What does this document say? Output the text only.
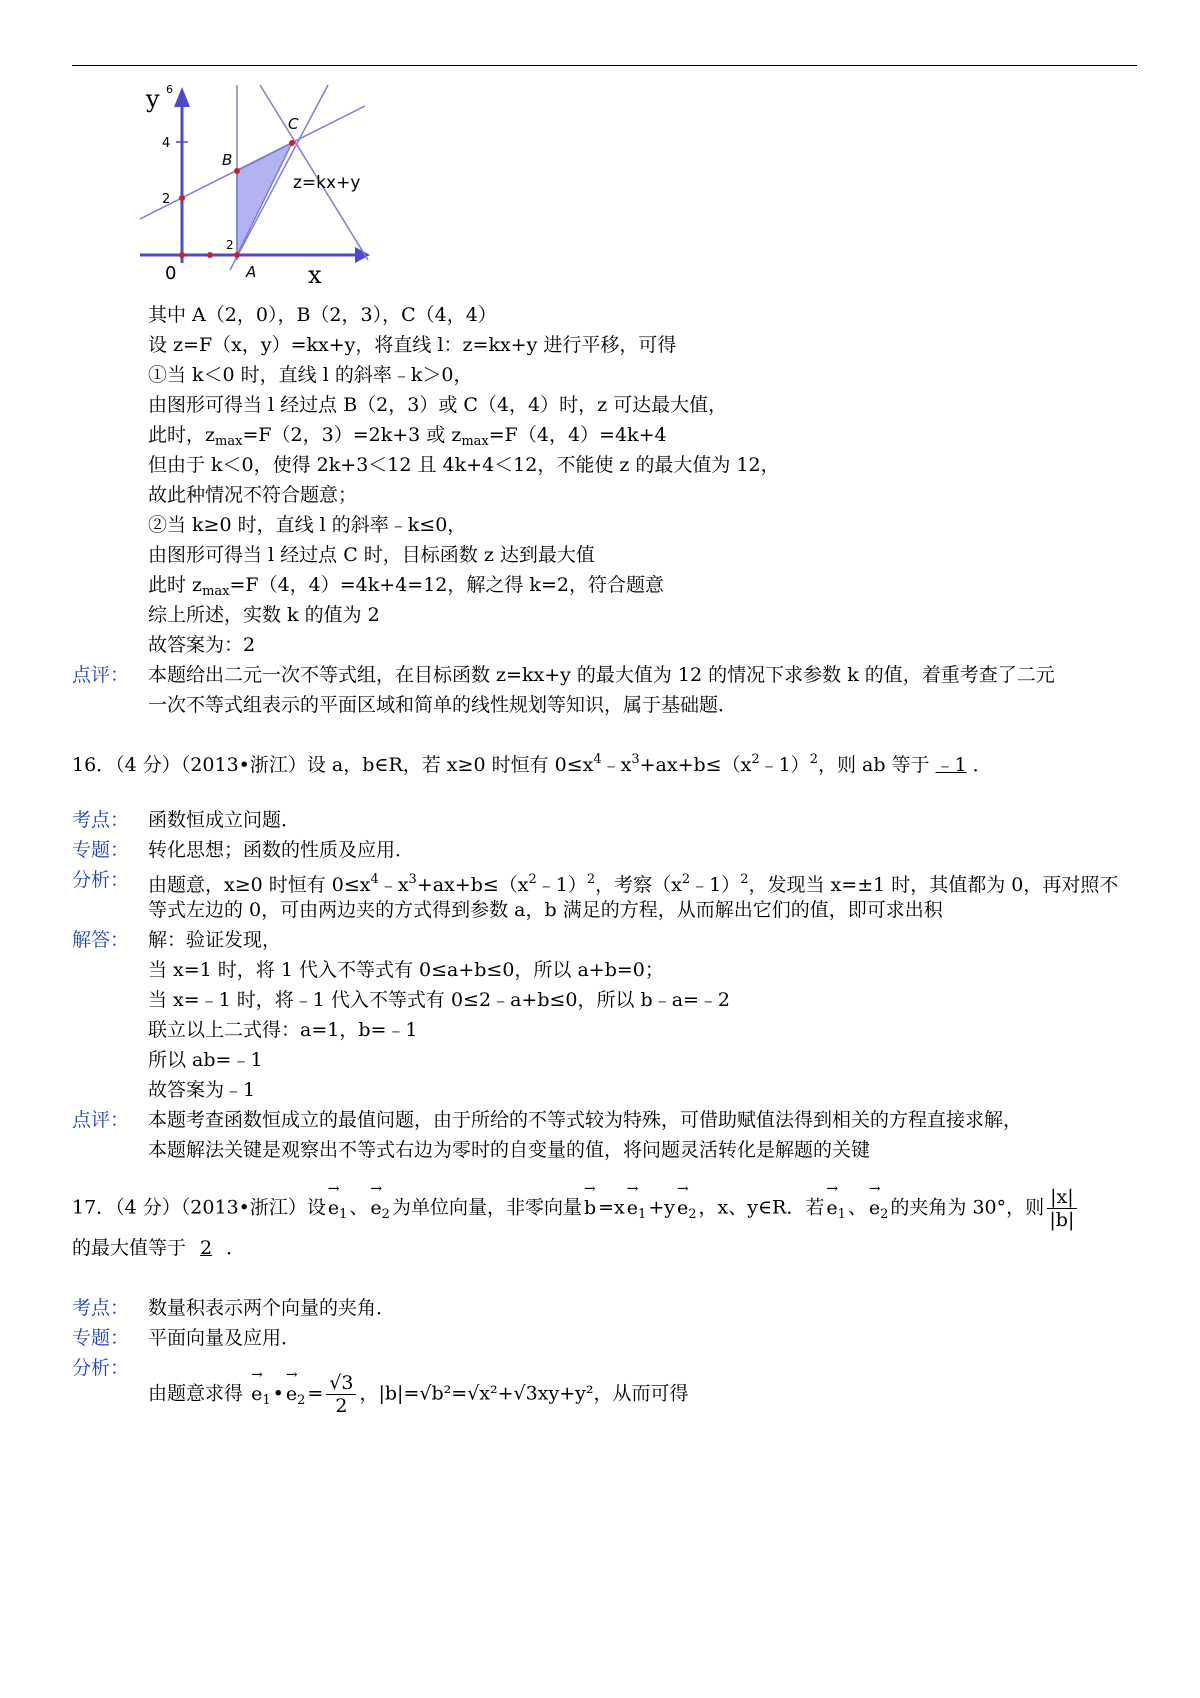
y 6
4
2
0
2
A
B
C
z=kx+y
x
其中 A（2，0），B（2，3），C（4，4）
设 z=F（x，y）=kx+y，将直线 l：z=kx+y 进行平移，可得
①当 k＜0 时，直线 l 的斜率﹣k＞0，
由图形可得当 l 经过点 B（2，3）或 C（4，4）时，z 可达最大值，
此时，$z_{max}=F(2$，3）=2k+3 或 $z_{max}=F(4$，4）=4k+4
但由于 k＜0，使得 2k+3＜12 且 4k+4＜12，不能使 z 的最大值为 12，
故此种情况不符合题意；
②当 k≥0 时，直线 l 的斜率﹣k≤0，
由图形可得当 l 经过点 C 时，目标函数 z 达到最大值
此时 $z_{max}=F(4$，4）=4k+4=12，解之得 k=2，符合题意
综上所述，实数 k 的值为 2
故答案为：2
点评： 本题给出二元一次不等式组，在目标函数 z=kx+y 的最大值为 12 的情况下求参数 k 的值，着重考查了二元
一次不等式组表示的平面区域和简单的线性规划等知识，属于基础题．
16．（4 分）（2013•浙江）设 a，b∈R，若 x≥0 时恒有 $0\le x^4﹣x^3+ax+b\le(x^2﹣1)^2$，则 ab 等于 ﹣1 ．
考点： 函数恒成立问题．
专题： 转化思想；函数的性质及应用．
分析： 由题意，x≥0 时恒有 $0\le x^4﹣x^3+ax+b\le(x^2﹣1)^2$，考察$(x^2﹣1)^2$，发现当 x=±1 时，其值都为 0，再对照不
等式左边的 0，可由两边夹的方式得到参数 a，b 满足的方程，从而解出它们的值，即可求出积
解答： 解：验证发现，
当 x=1 时，将 1 代入不等式有 0≤a+b≤0，所以 a+b=0；
当 x=﹣1 时，将﹣1 代入不等式有 0≤2﹣a+b≤0，所以 b﹣a=﹣2
联立以上二式得：a=1，b=﹣1
所以 ab=﹣1
故答案为﹣1
点评： 本题考查函数恒成立的最值问题，由于所给的不等式较为特殊，可借助赋值法得到相关的方程直接求解，
本题解法关键是观察出不等式右边为零时的自变量的值，将问题灵活转化是解题的关键
17．（4 分）（2013•浙江）设
→
$e_1$ 、
→
$e_2$ 为单位向量，非零向量
→
b =x
→
$e_1 +y$
→
$e_2$ ，x、y∈R．若
→
$e_1$ 、
→
$e_2$ 的夹角为 30°，则 $\frac{|x|}{|b|}$
的最大值等于 2 ．
考点： 数量积表示两个向量的夹角．
专题： 平面向量及应用．
分析：
由题意求得
→
$e_1$ •
→
$e_2 = \frac{√3}{2}$ ，|b|=√b²=√x²+√3xy+y²，从而可得
